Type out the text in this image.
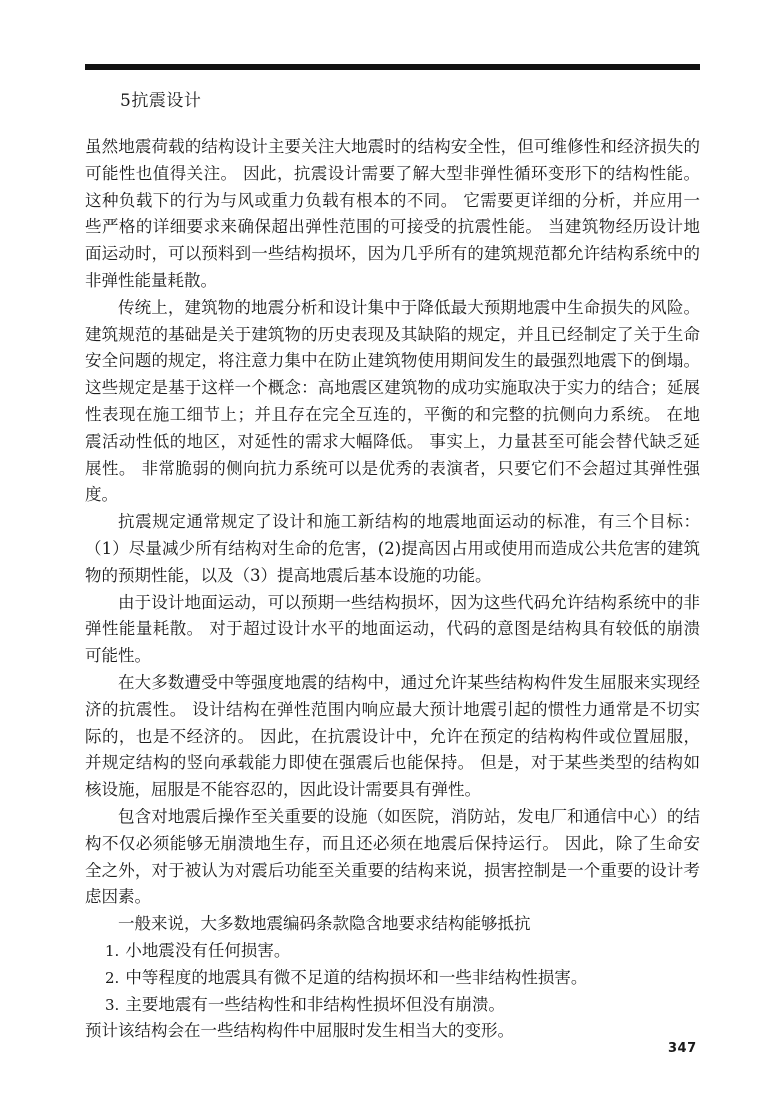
5抗震设计

虽然地震荷载的结构设计主要关注大地震时的结构安全性，但可维修性和经济损失的可能性也值得关注。 因此，抗震设计需要了解大型非弹性循环变形下的结构性能。 这种负载下的行为与风或重力负载有根本的不同。 它需要更详细的分析，并应用一些严格的详细要求来确保超出弹性范围的可接受的抗震性能。 当建筑物经历设计地面运动时，可以预料到一些结构损坏，因为几乎所有的建筑规范都允许结构系统中的非弹性能量耗散。

传统上，建筑物的地震分析和设计集中于降低最大预期地震中生命损失的风险。 建筑规范的基础是关于建筑物的历史表现及其缺陷的规定，并且已经制定了关于生命安全问题的规定，将注意力集中在防止建筑物使用期间发生的最强烈地震下的倒塌。 这些规定是基于这样一个概念：高地震区建筑物的成功实施取决于实力的结合；延展性表现在施工细节上；并且存在完全互连的，平衡的和完整的抗侧向力系统。 在地震活动性低的地区，对延性的需求大幅降低。 事实上，力量甚至可能会替代缺乏延展性。 非常脆弱的侧向抗力系统可以是优秀的表演者，只要它们不会超过其弹性强度。

抗震规定通常规定了设计和施工新结构的地震地面运动的标准，有三个目标：（1）尽量减少所有结构对生命的危害，(2)提高因占用或使用而造成公共危害的建筑物的预期性能，以及（3）提高地震后基本设施的功能。

由于设计地面运动，可以预期一些结构损坏，因为这些代码允许结构系统中的非弹性能量耗散。 对于超过设计水平的地面运动，代码的意图是结构具有较低的崩溃可能性。

在大多数遭受中等强度地震的结构中，通过允许某些结构构件发生屈服来实现经济的抗震性。 设计结构在弹性范围内响应最大预计地震引起的惯性力通常是不切实际的，也是不经济的。 因此，在抗震设计中，允许在预定的结构构件或位置屈服，并规定结构的竖向承载能力即使在强震后也能保持。 但是，对于某些类型的结构如核设施，屈服是不能容忍的，因此设计需要具有弹性。

包含对地震后操作至关重要的设施（如医院，消防站，发电厂和通信中心）的结构不仅必须能够无崩溃地生存，而且还必须在地震后保持运行。 因此，除了生命安全之外，对于被认为对震后功能至关重要的结构来说，损害控制是一个重要的设计考虑因素。

一般来说，大多数地震编码条款隐含地要求结构能够抵抗

1. 小地震没有任何损害。
2. 中等程度的地震具有微不足道的结构损坏和一些非结构性损害。
3. 主要地震有一些结构性和非结构性损坏但没有崩溃。

预计该结构会在一些结构构件中屈服时发生相当大的变形。

347
